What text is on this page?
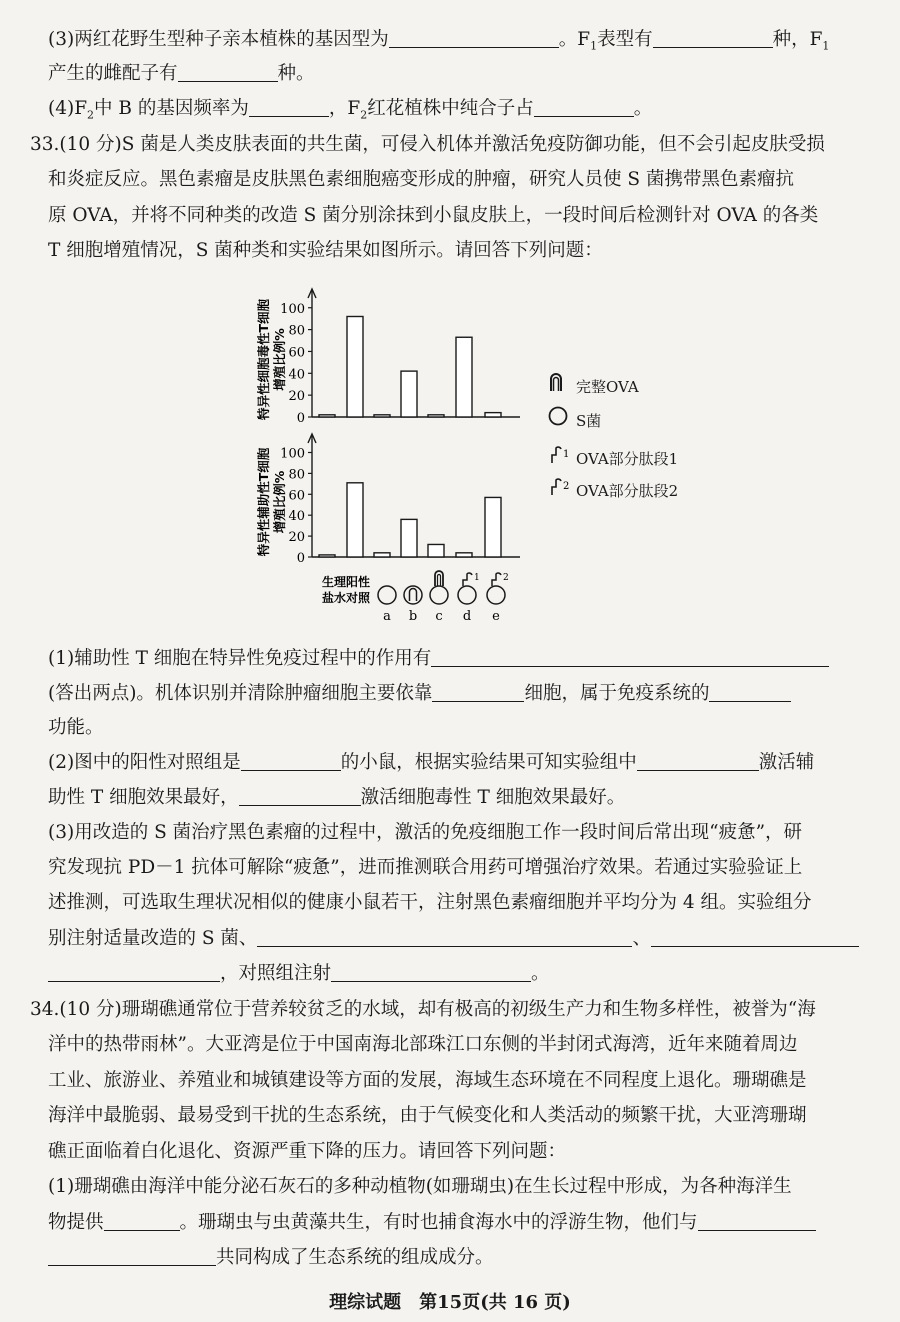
(3)两红花野生型种子亲本植株的基因型为	。$F_1$表型有	种，$F_1$
产生的雌配子有	种。
$(4)F_2$中 B 的基因频率为	，$F_2$红花植株中纯合子占	。
33.(10 分)S 菌是人类皮肤表面的共生菌，可侵入机体并激活免疫防御功能，但不会引起皮肤受损
和炎症反应。黑色素瘤是皮肤黑色素细胞癌变形成的肿瘤，研究人员使 S 菌携带黑色素瘤抗
原 OVA，并将不同种类的改造 S 菌分别涂抹到小鼠皮肤上，一段时间后检测针对 OVA 的各类
T 细胞增殖情况，S 菌种类和实验结果如图所示。请回答下列问题：
0
20
40
60
80
100
特异性细胞毒性T细胞增殖比例%
0
20
40
60
80
100
特异性辅助性T细胞增殖比例%
生理
盐水
阳性
对照
a b c d e
1	2
完整OVA
S菌
1 OVA部分肽段1
2 OVA部分肽段2
(1)辅助性 T 细胞在特异性免疫过程中的作用有
(答出两点)。机体识别并清除肿瘤细胞主要依靠	细胞，属于免疫系统的
功能。
(2)图中的阳性对照组是	的小鼠，根据实验结果可知实验组中	激活辅
助性 T 细胞效果最好，	激活细胞毒性 T 细胞效果最好。
(3)用改造的 S 菌治疗黑色素瘤的过程中，激活的免疫细胞工作一段时间后常出现“疲惫”，研
究发现抗 PD－1 抗体可解除“疲惫”，进而推测联合用药可增强治疗效果。若通过实验验证上
述推测，可选取生理状况相似的健康小鼠若干，注射黑色素瘤细胞并平均分为 4 组。实验组分
别注射适量改造的 S 菌、	、
，对照组注射	。
34.(10 分)珊瑚礁通常位于营养较贫乏的水域，却有极高的初级生产力和生物多样性，被誉为“海
洋中的热带雨林”。大亚湾是位于中国南海北部珠江口东侧的半封闭式海湾，近年来随着周边
工业、旅游业、养殖业和城镇建设等方面的发展，海域生态环境在不同程度上退化。珊瑚礁是
海洋中最脆弱、最易受到干扰的生态系统，由于气候变化和人类活动的频繁干扰，大亚湾珊瑚
礁正面临着白化退化、资源严重下降的压力。请回答下列问题：
(1)珊瑚礁由海洋中能分泌石灰石的多种动植物(如珊瑚虫)在生长过程中形成，为各种海洋生
物提供	。珊瑚虫与虫黄藻共生，有时也捕食海水中的浮游生物，他们与
共同构成了生态系统的组成成分。
理综试题　第15页(共 16 页)
